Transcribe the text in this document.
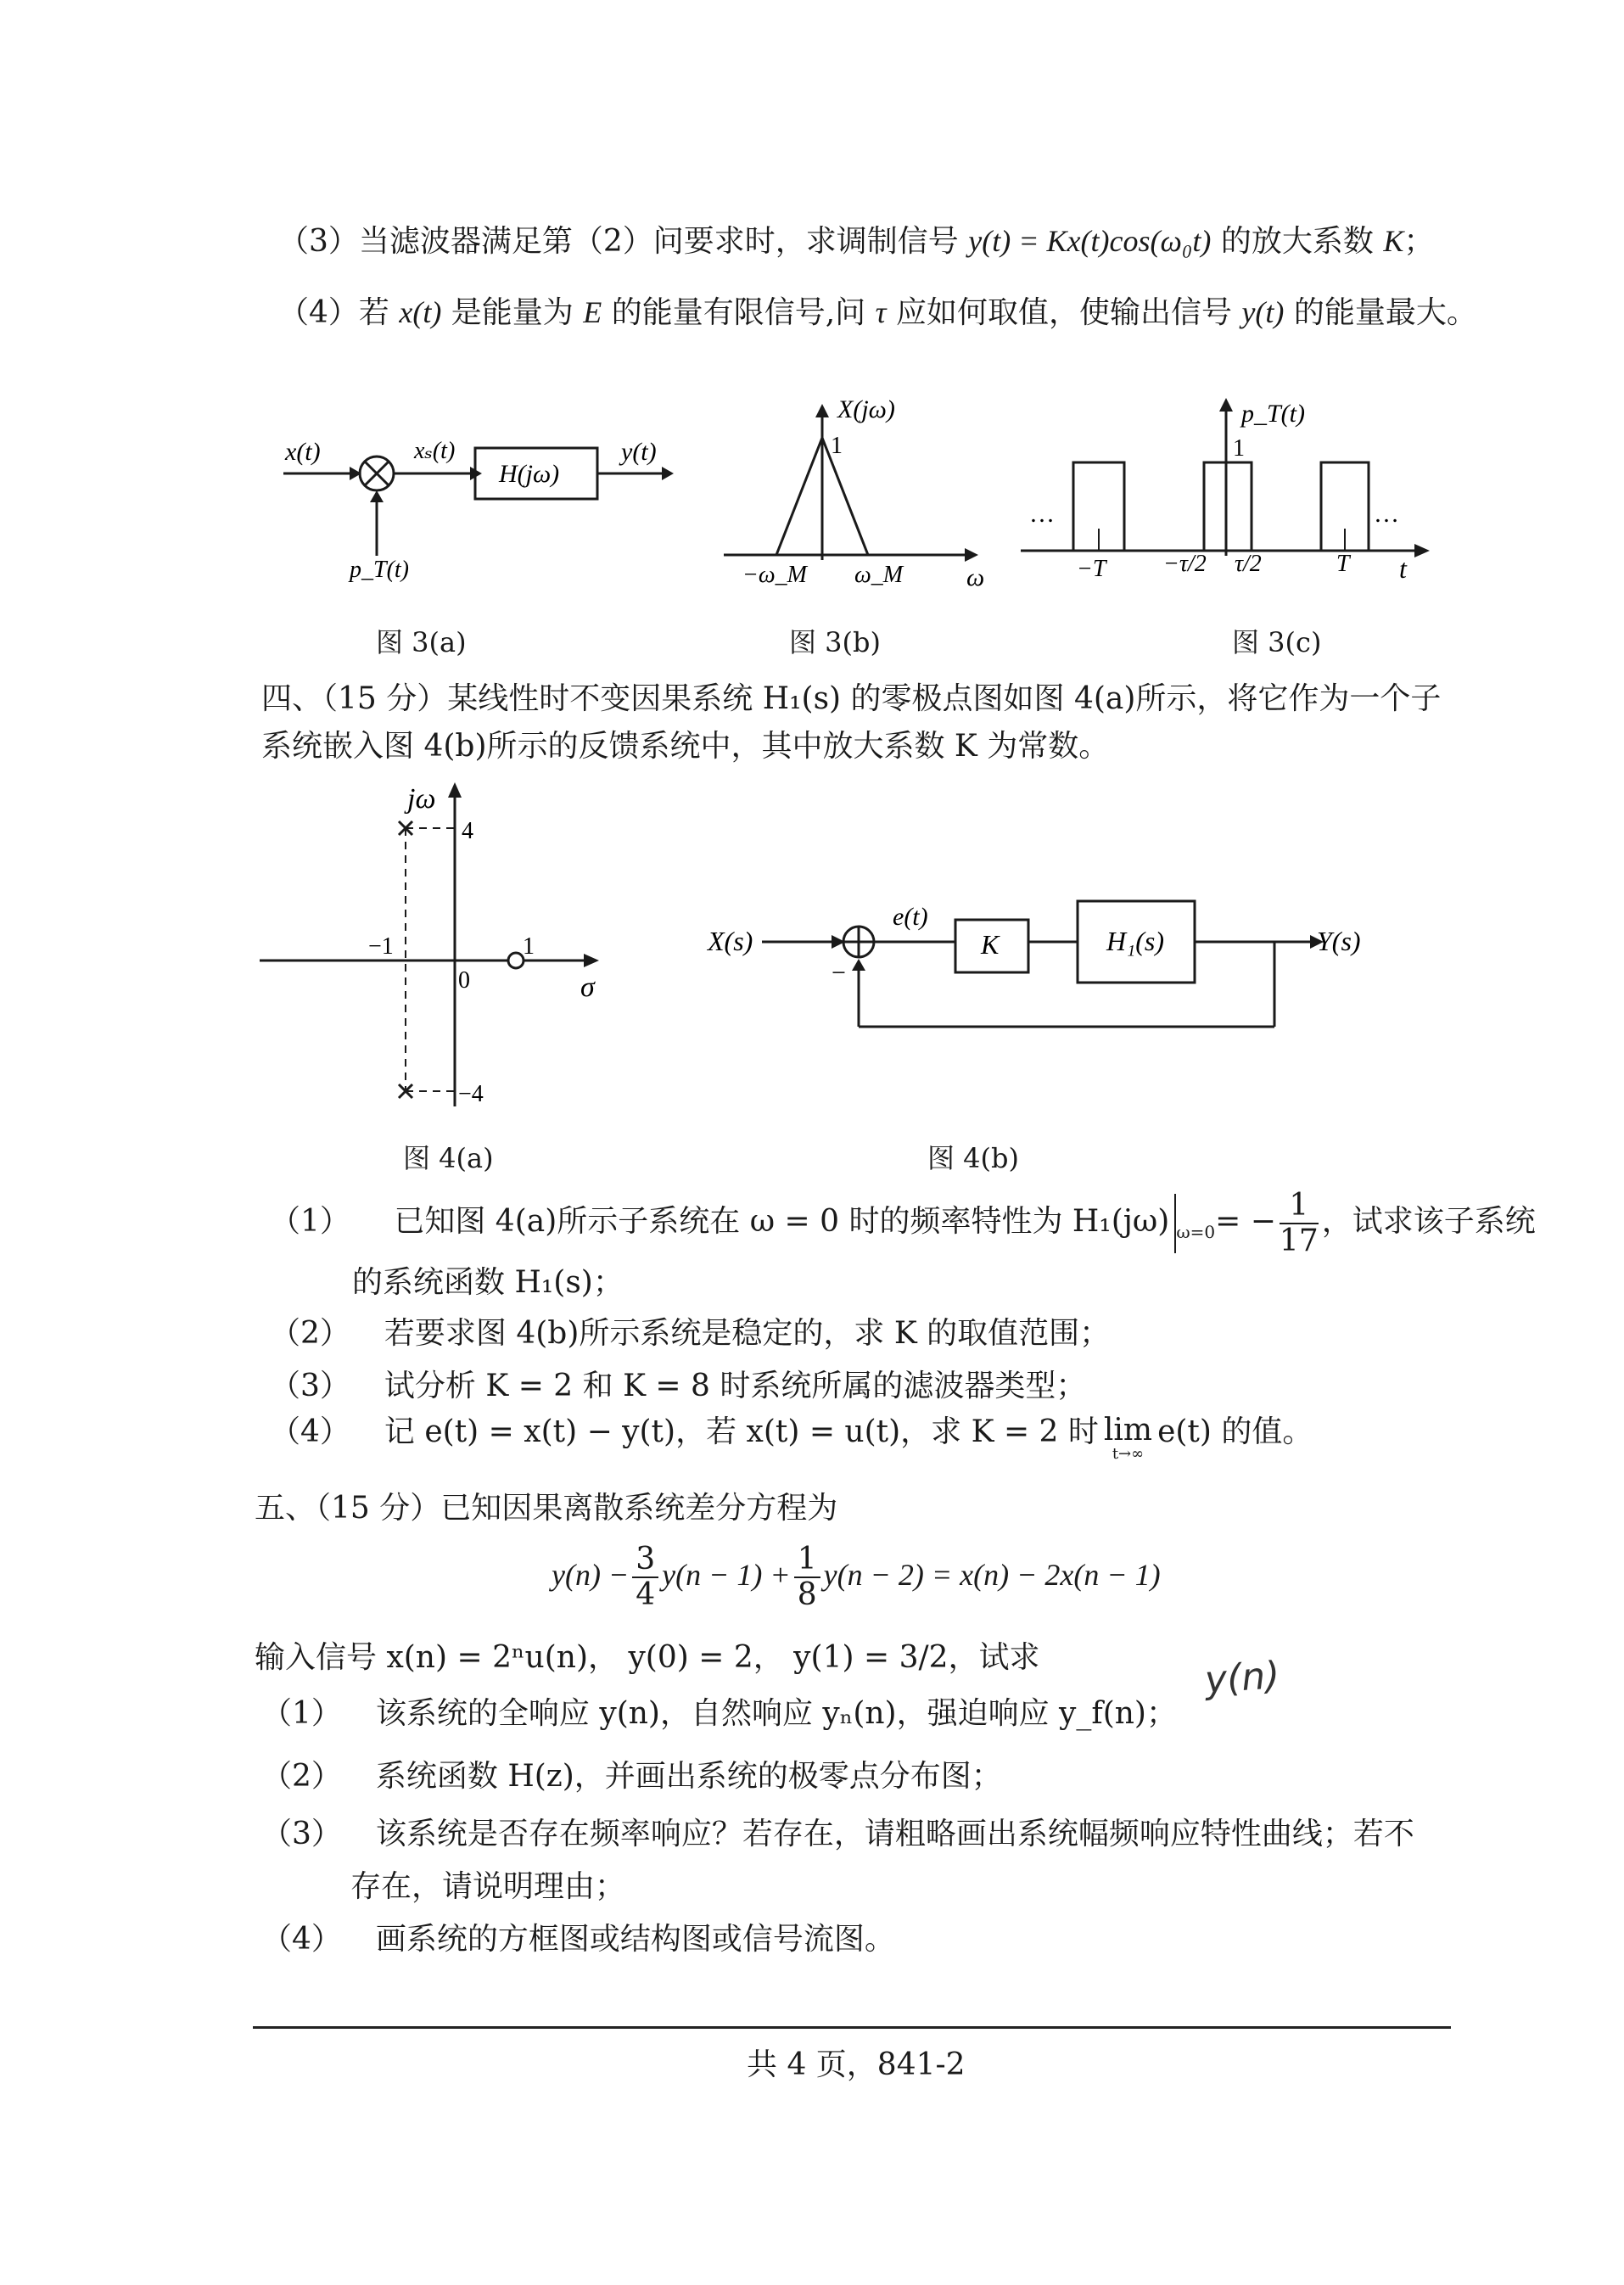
（3）当滤波器满足第（2）问要求时，求调制信号 y(t) = Kx(t)cos(ω₀t) 的放大系数 K；
（4）若 x(t) 是能量为 E 的能量有限信号,问 τ 应如何取值，使输出信号 y(t) 的能量最大。
x(t)	xₛ(t)
H(jω)
y(t)
p_T(t)
图 3(a)
X(jω)
1
−ω_M ω_M ω
图 3(b)
…	…
p_T(t)
1
−T −τ/2 τ/2	T t
图 3(c)
四、（15 分）某线性时不变因果系统 H₁(s) 的零极点图如图 4(a)所示，将它作为一个子
系统嵌入图 4(b)所示的反馈系统中，其中放大系数 K 为常数。
jω
4
−4
−1	1
0	σ
图 4(a)
X(s)
−
e(t)
K	H₁(s)	Y(s)
图 4(b)
（1） 已知图 4(a)所示子系统在 ω = 0 时的频率特性为 H₁(jω) $_{\omega=0}= - \frac{1}{17}$ ，试求该子系统
的系统函数 H₁(s)；
（2） 若要求图 4(b)所示系统是稳定的，求 K 的取值范围；
（3） 试分析 K = 2 和 K = 8 时系统所属的滤波器类型；
（4） 记 e(t) = x(t) − y(t)，若 x(t) = u(t)，求 K = 2 时 lim
t→∞
e(t) 的值。
五、（15 分）已知因果离散系统差分方程为
$y(n) - \frac{3}{4} y(n - 1) + \frac{1}{8} y(n - 2) = x(n) - 2x(n - 1)$
输入信号 x(n) = 2ⁿu(n)， y(0) = 2， y(1) = 3/2，试求
（1） 该系统的全响应 y(n)，自然响应 yₙ(n)，强迫响应 y_f(n)；
（2） 系统函数 H(z)，并画出系统的极零点分布图；
（3） 该系统是否存在频率响应？若存在，请粗略画出系统幅频响应特性曲线；若不
存在，请说明理由；
（4） 画系统的方框图或结构图或信号流图。
y(n)
共 4 页，841-2
